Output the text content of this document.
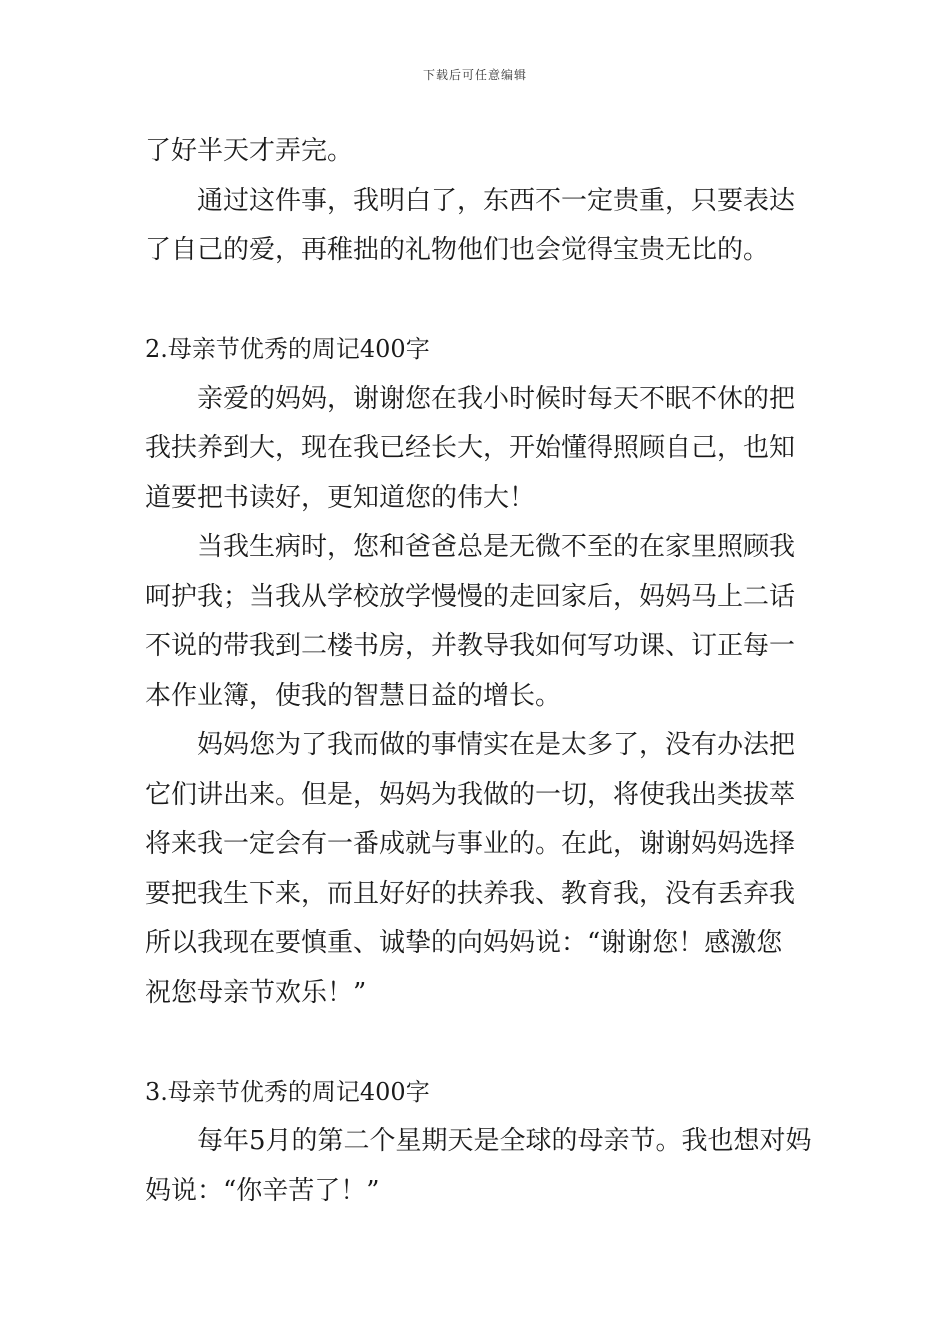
下载后可任意编辑
了好半天才弄完。
通过这件事，我明白了，东西不一定贵重，只要表达
了自己的爱，再稚拙的礼物他们也会觉得宝贵无比的。
2.母亲节优秀的周记400字
亲爱的妈妈，谢谢您在我小时候时每天不眠不休的把
我扶养到大，现在我已经长大，开始懂得照顾自己，也知
道要把书读好，更知道您的伟大！
当我生病时，您和爸爸总是无微不至的在家里照顾我
呵护我；当我从学校放学慢慢的走回家后，妈妈马上二话
不说的带我到二楼书房，并教导我如何写功课、订正每一
本作业簿，使我的智慧日益的增长。
妈妈您为了我而做的事情实在是太多了，没有办法把
它们讲出来。但是，妈妈为我做的一切，将使我出类拔萃
将来我一定会有一番成就与事业的。在此，谢谢妈妈选择
要把我生下来，而且好好的扶养我、教育我，没有丢弃我
所以我现在要慎重、诚挚的向妈妈说：“谢谢您！感激您
祝您母亲节欢乐！”
3.母亲节优秀的周记400字
每年5月的第二个星期天是全球的母亲节。我也想对妈
妈说：“你辛苦了！”
